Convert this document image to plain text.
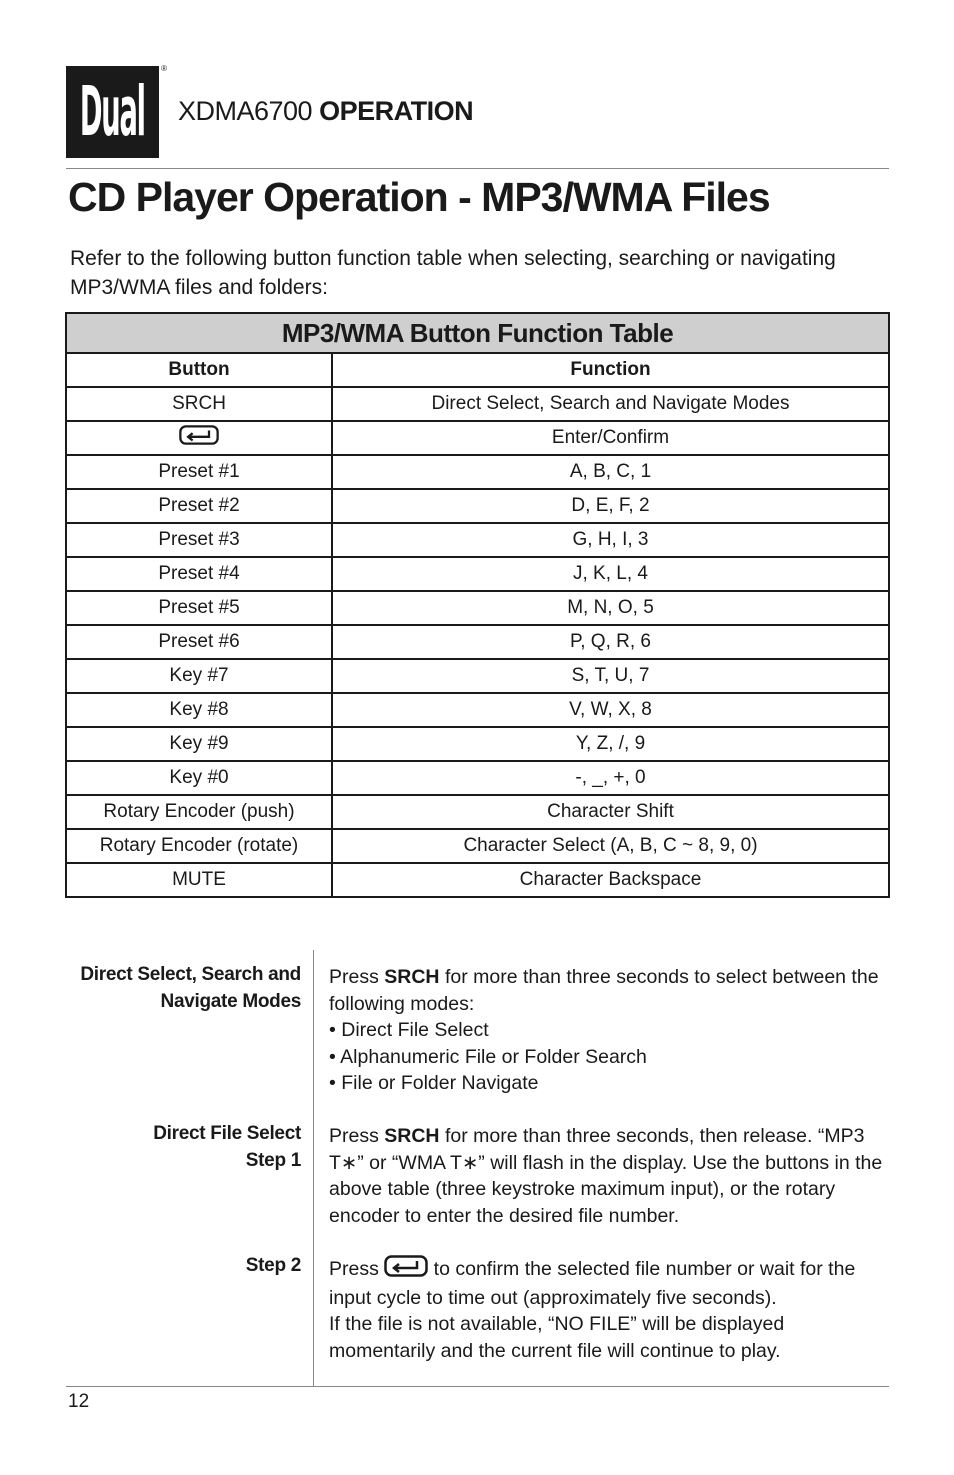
Dual
®
XDMA6700 OPERATION
CD Player Operation - MP3/WMA Files
Refer to the following button function table when selecting, searching or navigating MP3/WMA files and folders:
MP3/WMA Button Function Table	
Button	Function
SRCH	Direct Select, Search and Navigate Modes
	Enter/Confirm
Preset #1	A, B, C, 1
Preset #2	D, E, F, 2
Preset #3	G, H, I, 3
Preset #4	J, K, L, 4
Preset #5	M, N, O, 5
Preset #6	P, Q, R, 6
Key #7	S, T, U, 7
Key #8	V, W, X, 8
Key #9	Y, Z, /, 9
Key #0	-, _, +, 0
Rotary Encoder (push)	Character Shift
Rotary Encoder (rotate)	Character Select (A, B, C ~ 8, 9, 0)
MUTE	Character Backspace
Direct Select, Search and
Navigate Modes
Press SRCH for more than three seconds to select between the following modes:
• Direct File Select
• Alphanumeric File or Folder Search
• File or Folder Navigate
Direct File Select
Step 1
Press SRCH for more than three seconds, then release. “MP3 T∗” or “WMA T∗” will flash in the display. Use the buttons in the above table (three keystroke maximum input), or the rotary encoder to enter the desired file number.
Step 2 Press  to confirm the selected file number or wait for the input cycle to time out (approximately five seconds).
If the file is not available, “NO FILE” will be displayed momentarily and the current file will continue to play.
12
